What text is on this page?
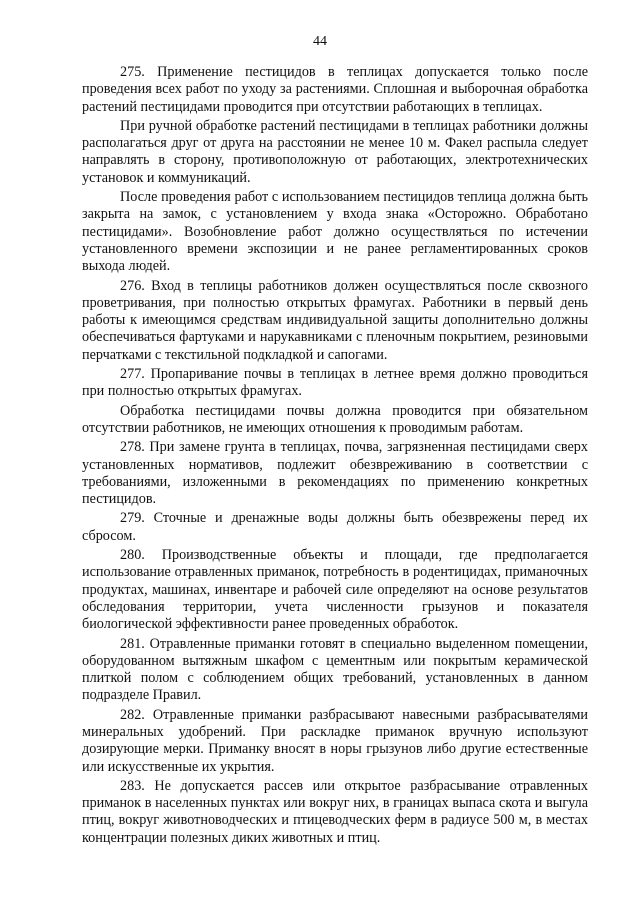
44

275. Применение пестицидов в теплицах допускается только после проведения всех работ по уходу за растениями. Сплошная и выборочная обработка растений пестицидами проводится при отсутствии работающих в теплицах.

При ручной обработке растений пестицидами в теплицах работники должны располагаться друг от друга на расстоянии не менее 10 м. Факел распыла следует направлять в сторону, противоположную от работающих, электротехнических установок и коммуникаций.

После проведения работ с использованием пестицидов теплица должна быть закрыта на замок, с установлением у входа знака «Осторожно. Обработано пестицидами». Возобновление работ должно осуществляться по истечении установленного времени экспозиции и не ранее регламентированных сроков выхода людей.

276. Вход в теплицы работников должен осуществляться после сквозного проветривания, при полностью открытых фрамугах. Работники в первый день работы к имеющимся средствам индивидуальной защиты дополнительно должны обеспечиваться фартуками и нарукавниками с пленочным покрытием, резиновыми перчатками с текстильной подкладкой и сапогами.

277. Пропаривание почвы в теплицах в летнее время должно проводиться при полностью открытых фрамугах.

Обработка пестицидами почвы должна проводится при обязательном отсутствии работников, не имеющих отношения к проводимым работам.

278. При замене грунта в теплицах, почва, загрязненная пестицидами сверх установленных нормативов, подлежит обезвреживанию в соответствии с требованиями, изложенными в рекомендациях по применению конкретных пестицидов.

279. Сточные и дренажные воды должны быть обезврежены перед их сбросом.

280. Производственные объекты и площади, где предполагается использование отравленных приманок, потребность в родентицидах, приманочных продуктах, машинах, инвентаре и рабочей силе определяют на основе результатов обследования территории, учета численности грызунов и показателя биологической эффективности ранее проведенных обработок.

281. Отравленные приманки готовят в специально выделенном помещении, оборудованном вытяжным шкафом с цементным или покрытым керамической плиткой полом с соблюдением общих требований, установленных в данном подразделе Правил.

282. Отравленные приманки разбрасывают навесными разбрасывателями минеральных удобрений. При раскладке приманок вручную используют дозирующие мерки. Приманку вносят в норы грызунов либо другие естественные или искусственные их укрытия.

283. Не допускается рассев или открытое разбрасывание отравленных приманок в населенных пунктах или вокруг них, в границах выпаса скота и выгула птиц, вокруг животноводческих и птицеводческих ферм в радиусе 500 м, в местах концентрации полезных диких животных и птиц.
